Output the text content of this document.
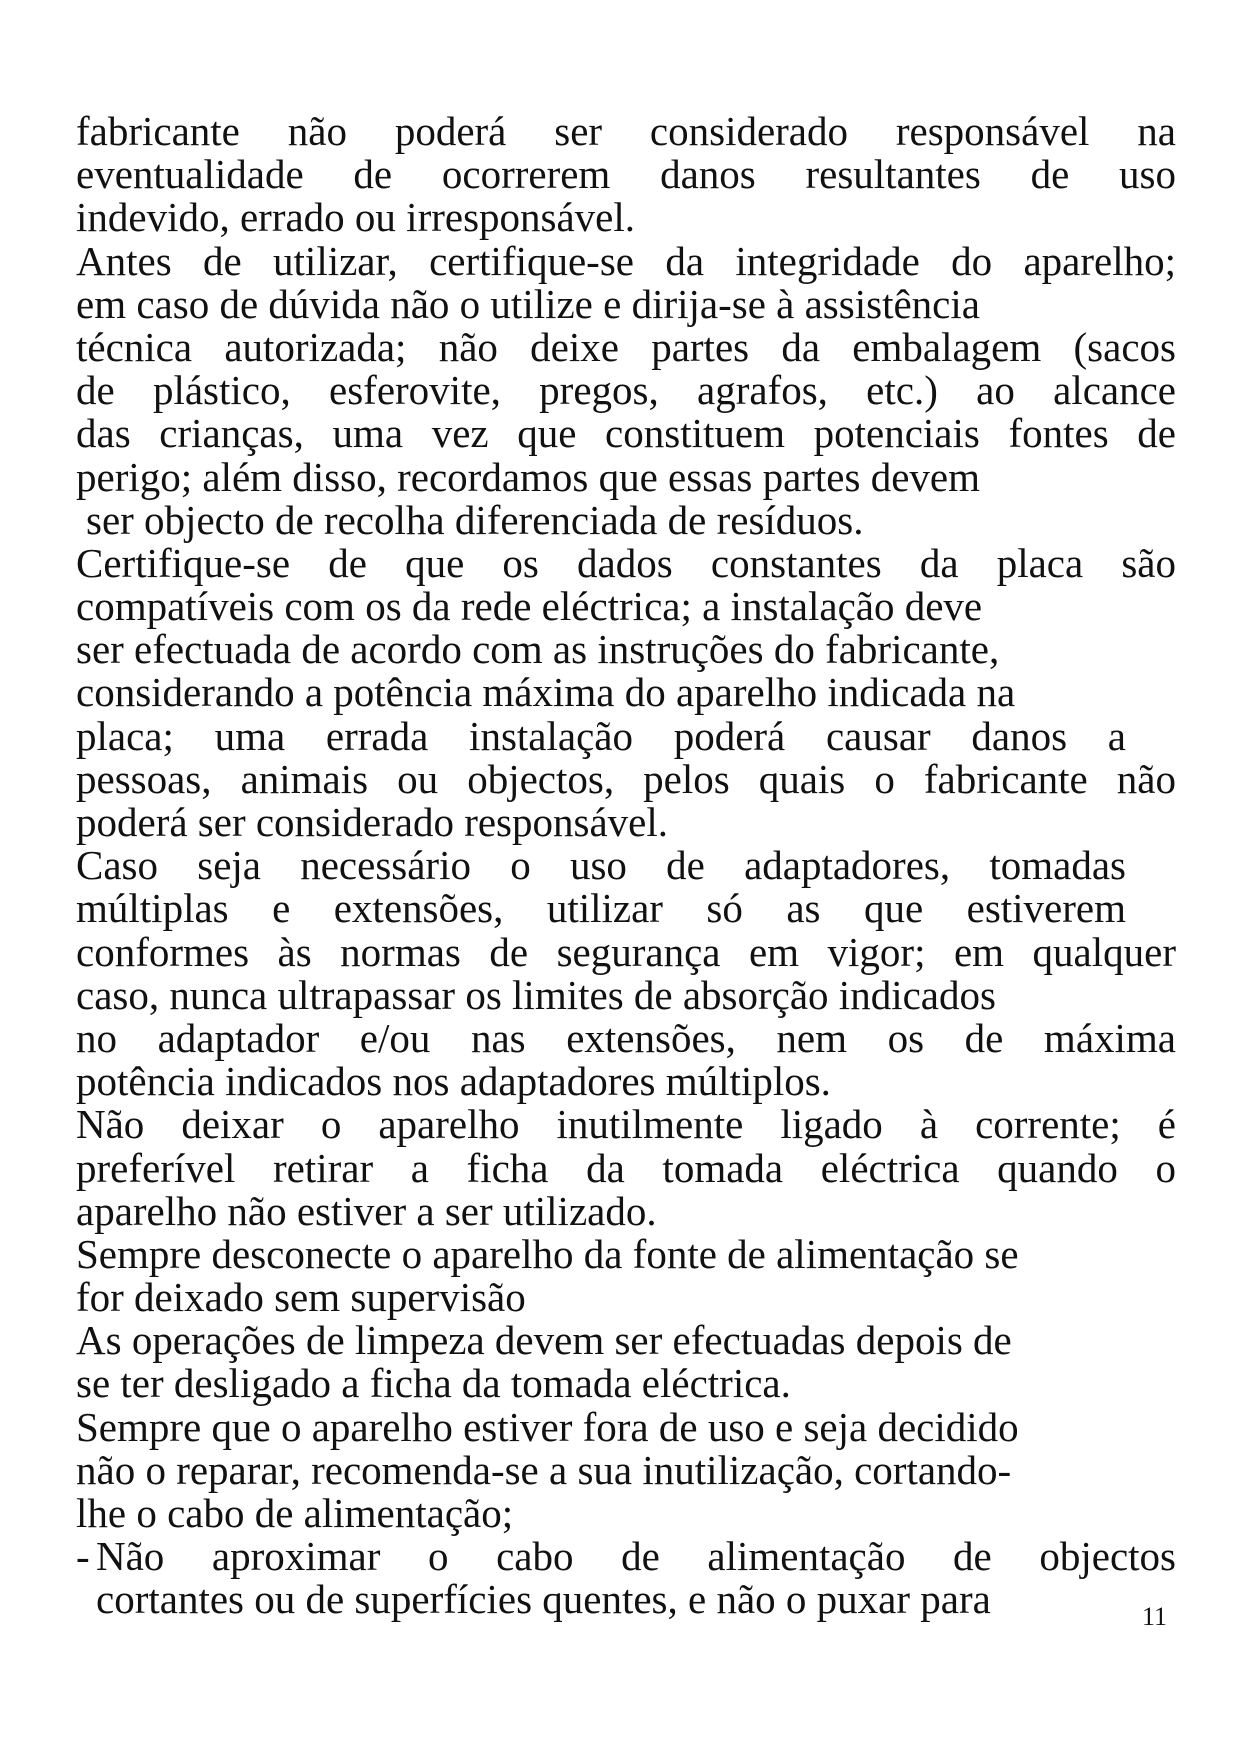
fabricante não poderá ser considerado responsável na
eventualidade de ocorrerem danos resultantes de uso
indevido, errado ou irresponsável.
Antes de utilizar, certifique-se da integridade do aparelho;
em caso de dúvida não o utilize e dirija-se à assistência
técnica autorizada; não deixe partes da embalagem (sacos
de plástico, esferovite, pregos, agrafos, etc.) ao alcance
das crianças, uma vez que constituem potenciais fontes de
perigo; além disso, recordamos que essas partes devem
ser objecto de recolha diferenciada de resíduos.
Certifique-se de que os dados constantes da placa são
compatíveis com os da rede eléctrica; a instalação deve
ser efectuada de acordo com as instruções do fabricante,
considerando a potência máxima do aparelho indicada na
placa; uma errada instalação poderá causar danos a
pessoas, animais ou objectos, pelos quais o fabricante não
poderá ser considerado responsável.
Caso seja necessário o uso de adaptadores, tomadas
múltiplas e extensões, utilizar só as que estiverem
conformes às normas de segurança em vigor; em qualquer
caso, nunca ultrapassar os limites de absorção indicados
no adaptador e/ou nas extensões, nem os de máxima
potência indicados nos adaptadores múltiplos.
Não deixar o aparelho inutilmente ligado à corrente; é
preferível retirar a ficha da tomada eléctrica quando o
aparelho não estiver a ser utilizado.
Sempre desconecte o aparelho da fonte de alimentação se
for deixado sem supervisão
As operações de limpeza devem ser efectuadas depois de
se ter desligado a ficha da tomada eléctrica.
Sempre que o aparelho estiver fora de uso e seja decidido
não o reparar, recomenda-se a sua inutilização, cortando-
lhe o cabo de alimentação;
- Não aproximar o cabo de alimentação de objectos
cortantes ou de superfícies quentes, e não o puxar para	11
